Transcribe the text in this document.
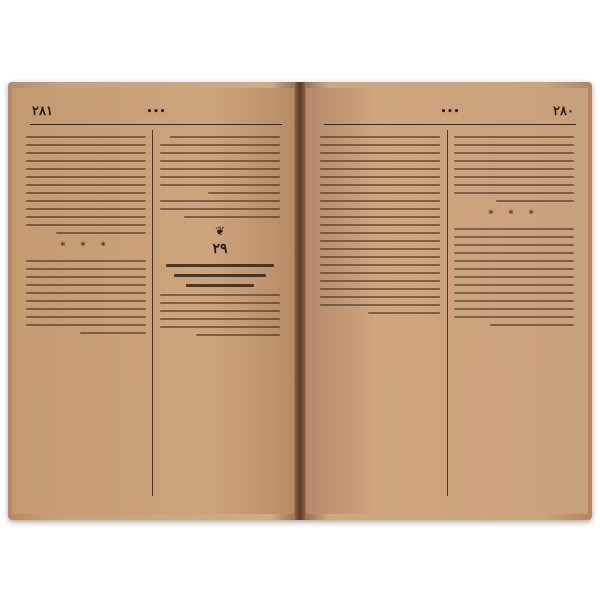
٢٨١	•••
❦
٢٩
* * *
٢٨٠
•••
* * *
